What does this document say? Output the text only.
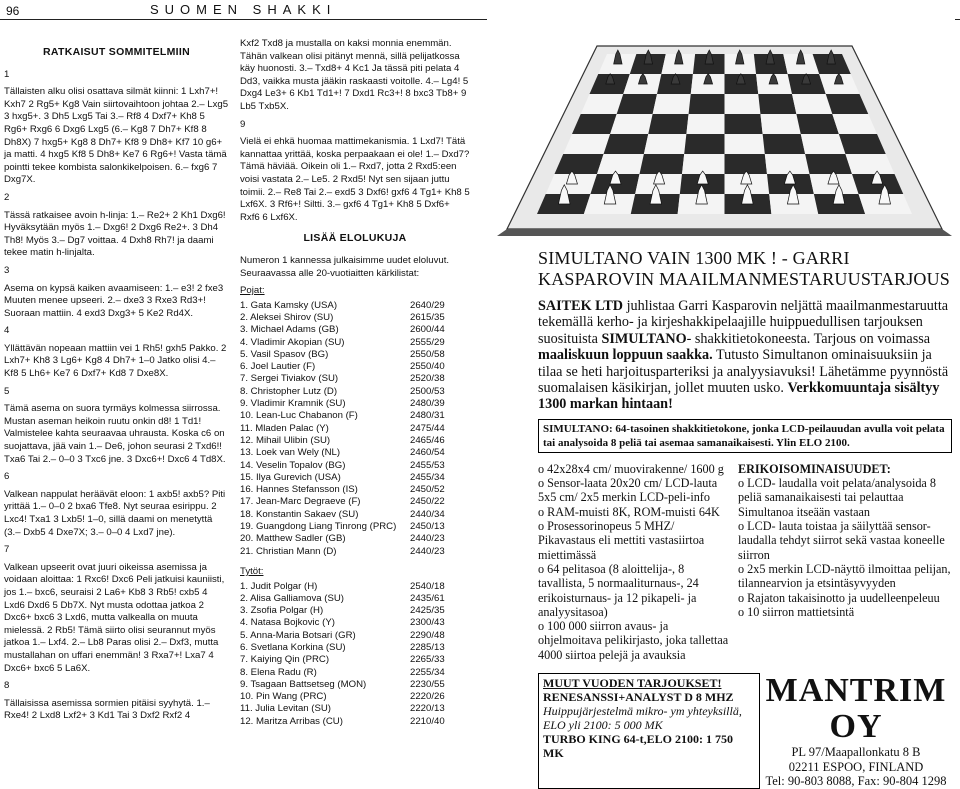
96	SUOMEN SHAKKI
RATKAISUT SOMMITELMIIN

1

Tällaisten alku olisi osattava silmät kiinni: 1 Lxh7+! Kxh7 2 Rg5+ Kg8 Vain siirtovaihtoon johtaa 2.– Lxg5 3 hxg5+. 3 Dh5 Lxg5 Tai 3.– Rf8 4 Dxf7+ Kh8 5 Rg6+ Rxg6 6 Dxg6 Lxg5 (6.– Kg8 7 Dh7+ Kf8 8 Dh8X) 7 hxg5+ Kg8 8 Dh7+ Kf8 9 Dh8+ Kf7 10 g6+ ja matti. 4 hxg5 Kf8 5 Dh8+ Ke7 6 Rg6+! Vasta tämä pointti tekee kombista salonkikelpoisen. 6.– fxg6 7 Dxg7X.

2

Tässä ratkaisee avoin h-linja: 1.– Re2+ 2 Kh1 Dxg6! Hyväksytään myös 1.– Dxg6! 2 Dxg6 Re2+. 3 Dh4 Th8! Myös 3.– Dg7 voittaa. 4 Dxh8 Rh7! ja daami tekee matin h-linjalta.

3

Asema on kypsä kaiken avaamiseen: 1.– e3! 2 fxe3 Muuten menee upseeri. 2.– dxe3 3 Rxe3 Rd3+! Suoraan mattiin. 4 exd3 Dxg3+ 5 Ke2 Rd4X.

4

Yllättävän nopeaan mattiin vei 1 Rh5! gxh5 Pakko. 2 Lxh7+ Kh8 3 Lg6+ Kg8 4 Dh7+ 1–0 Jatko olisi 4.– Kf8 5 Lh6+ Ke7 6 Dxf7+ Kd8 7 Dxe8X.

5

Tämä asema on suora tyrmäys kolmessa siirrossa. Mustan aseman heikoin ruutu onkin d8! 1 Td1! Valmistelee kahta seuraavaa uhrausta. Koska c6 on suojattava, jää vain 1.– De6, johon seurasi 2 Txd6!! Txa6 Tai 2.– 0–0 3 Txc6 jne. 3 Dxc6+! Dxc6 4 Td8X.

6

Valkean nappulat heräävät eloon: 1 axb5! axb5? Piti yrittää 1.– 0–0 2 bxa6 Tfe8. Nyt seuraa esirippu. 2 Lxc4! Txa1 3 Lxb5! 1–0, sillä daami on menetyttä (3.– Dxb5 4 Dxe7X; 3.– 0–0 4 Lxd7 jne).

7

Valkean upseerit ovat juuri oikeissa asemissa ja voidaan aloittaa: 1 Rxc6! Dxc6 Peli jatkuisi kauniisti, jos 1.– bxc6, seuraisi 2 La6+ Kb8 3 Rb5! cxb5 4 Lxd6 Dxd6 5 Db7X. Nyt musta odottaa jatkoa 2 Dxc6+ bxc6 3 Lxd6, mutta valkealla on muuta mielessä. 2 Rb5! Tämä siirto olisi seurannut myös jatkoa 1.– Lxf4. 2.– Lb8 Paras olisi 2.– Dxf3, mutta mustallahan on uffari enemmän! 3 Rxa7+! Lxa7 4 Dxc6+ bxc6 5 La6X.

8

Tällaisissa asemissa sormien pitäisi syyhytä. 1.– Rxe4! 2 Lxd8 Lxf2+ 3 Kd1 Tai 3 Dxf2 Rxf2 4

Kxf2 Txd8 ja mustalla on kaksi monnia enemmän. Tähän valkean olisi pitänyt mennä, sillä pelijatkossa käy huonosti. 3.– Txd8+ 4 Kc1 Ja tässä piti pelata 4 Dd3, vaikka musta jääkin raskaasti voitolle. 4.– Lg4! 5 Dxg4 Le3+ 6 Kb1 Td1+! 7 Dxd1 Rc3+! 8 bxc3 Tb8+ 9 Lb5 Txb5X.

9

Vielä ei ehkä huomaa mattimekanismia. 1 Lxd7! Tätä kannattaa yrittää, koska perpaakaan ei ole! 1.– Dxd7? Tämä häviää. Oikein oli 1.– Rxd7, jotta 2 Rxd5:een voisi vastata 2.– Le5. 2 Rxd5! Nyt sen sijaan juttu toimii. 2.– Re8 Tai 2.– exd5 3 Dxf6! gxf6 4 Tg1+ Kh8 5 Lxf6X. 3 Rf6+! Siltti. 3.– gxf6 4 Tg1+ Kh8 5 Dxf6+ Rxf6 6 Lxf6X.

LISÄÄ ELOLUKUJA

Numeron 1 kannessa julkaisimme uudet eloluvut. Seuraavassa alle 20-vuotiaitten kärkilistat:

Pojat:
1. Gata Kamsky (USA)	2640/29
2. Aleksei Shirov (SU)	2615/35
3. Michael Adams (GB)	2600/44
4. Vladimir Akopian (SU)	2555/29
5. Vasil Spasov (BG)	2550/58
6. Joel Lautier (F)	2550/40
7. Sergei Tiviakov (SU)	2520/38
8. Christopher Lutz (D)	2500/53
9. Vladimir Kramnik (SU)	2480/39
10. Lean-Luc Chabanon (F)	2480/31
11. Mladen Palac (Y)	2475/44
12. Mihail Ulibin (SU)	2465/46
13. Loek van Wely (NL)	2460/54
14. Veselin Topalov (BG)	2455/53
15. Ilya Gurevich (USA)	2455/34
16. Hannes Stefansson (IS)	2450/52
17. Jean-Marc Degraeve (F)	2450/22
18. Konstantin Sakaev (SU)	2440/34
19. Guangdong Liang Tinrong (PRC) 2450/13
20. Matthew Sadler (GB)	2440/23
21. Christian Mann (D)	2440/23
Tytöt:
1. Judit Polgar (H)	2540/18
2. Alisa Galliamova (SU)	2435/61
3. Zsofia Polgar (H)	2425/35
4. Natasa Bojkovic (Y)	2300/43
5. Anna-Maria Botsari (GR)	2290/48
6. Svetlana Korkina (SU)	2285/13
7. Kaiying Qin (PRC)	2265/33
8. Elena Radu (R)	2255/34
9. Tsagaan Battsetseg (MON)	2230/55
10. Pin Wang (PRC)	2220/26
11. Julia Levitan (SU)	2220/13
12. Maritza Arribas (CU)	2210/40
SIMULTANO VAIN 1300 MK ! - GARRI KASPAROVIN MAAILMANMESTARUUSTARJOUS
SAITEK LTD juhlistaa Garri Kasparovin neljättä maailmanmestaruutta tekemällä kerho- ja kirjeshakkipelaajille huippuedullisen tarjouksen suosituista SIMULTANO- shakkitietokoneesta. Tarjous on voimassa maaliskuun loppuun saakka. Tutusto Simultanon ominaisuuksiin ja tilaa se heti harjoitusparteriksi ja analyysiavuksi! Lähetämme pyynnöstä suomalaisen käsikirjan, jollet muuten usko. Verkkomuuntaja sisältyy 1300 markan hintaan!
SIMULTANO: 64-tasoinen shakkitietokone, jonka LCD-peilauudan avulla voit pelata tai analysoida 8 peliä tai asemaa samanaikaisesti. Ylin ELO 2100.
o 42x28x4 cm/ muovirakenne/ 1600 g
o Sensor-laata 20x20 cm/ LCD-lauta 5x5 cm/ 2x5 merkin LCD-peli-info
o RAM-muisti 8K, ROM-muisti 64K
o Prosessorinopeus 5 MHZ/ Pikavastaus eli mettiti vastasiirtoa miettimässä
o 64 pelitasoa (8 aloittelija-, 8 tavallista, 5 normaaliturnaus-, 24 erikoisturnaus- ja 12 pikapeli- ja analyysitasoa)
o 100 000 siirron avaus- ja ohjelmoitava pelikirjasto, joka tallettaa 4000 siirtoa pelejä ja avauksia
ERIKOISOMINAISUUDET:
o LCD- laudalla voit pelata/analysoida 8 peliä samanaikaisesti tai pelauttaa Simultanoa itseään vastaan
o LCD- lauta toistaa ja säilyttää sensor-laudalla tehdyt siirrot sekä vastaa koneelle siirron
o 2x5 merkin LCD-näyttö ilmoittaa pelijan, tilannearvion ja etsintäsyvyyden
o Rajaton takaisinotto ja uudelleenpeleuu
o 10 siirron mattietsintä
MUUT VUODEN TARJOUKSET!
RENESANSSI+ANALYST D 8 MHZ
Huippujärjestelmä mikro- ym yhteyksillä, ELO yli 2100: 5 000 MK
TURBO KING 64-t,ELO 2100: 1 750 MK
MANTRIM OY
PL 97/Maapallonkatu 8 B
02211 ESPOO, FINLAND
Tel: 90-803 8088, Fax: 90-804 1298
